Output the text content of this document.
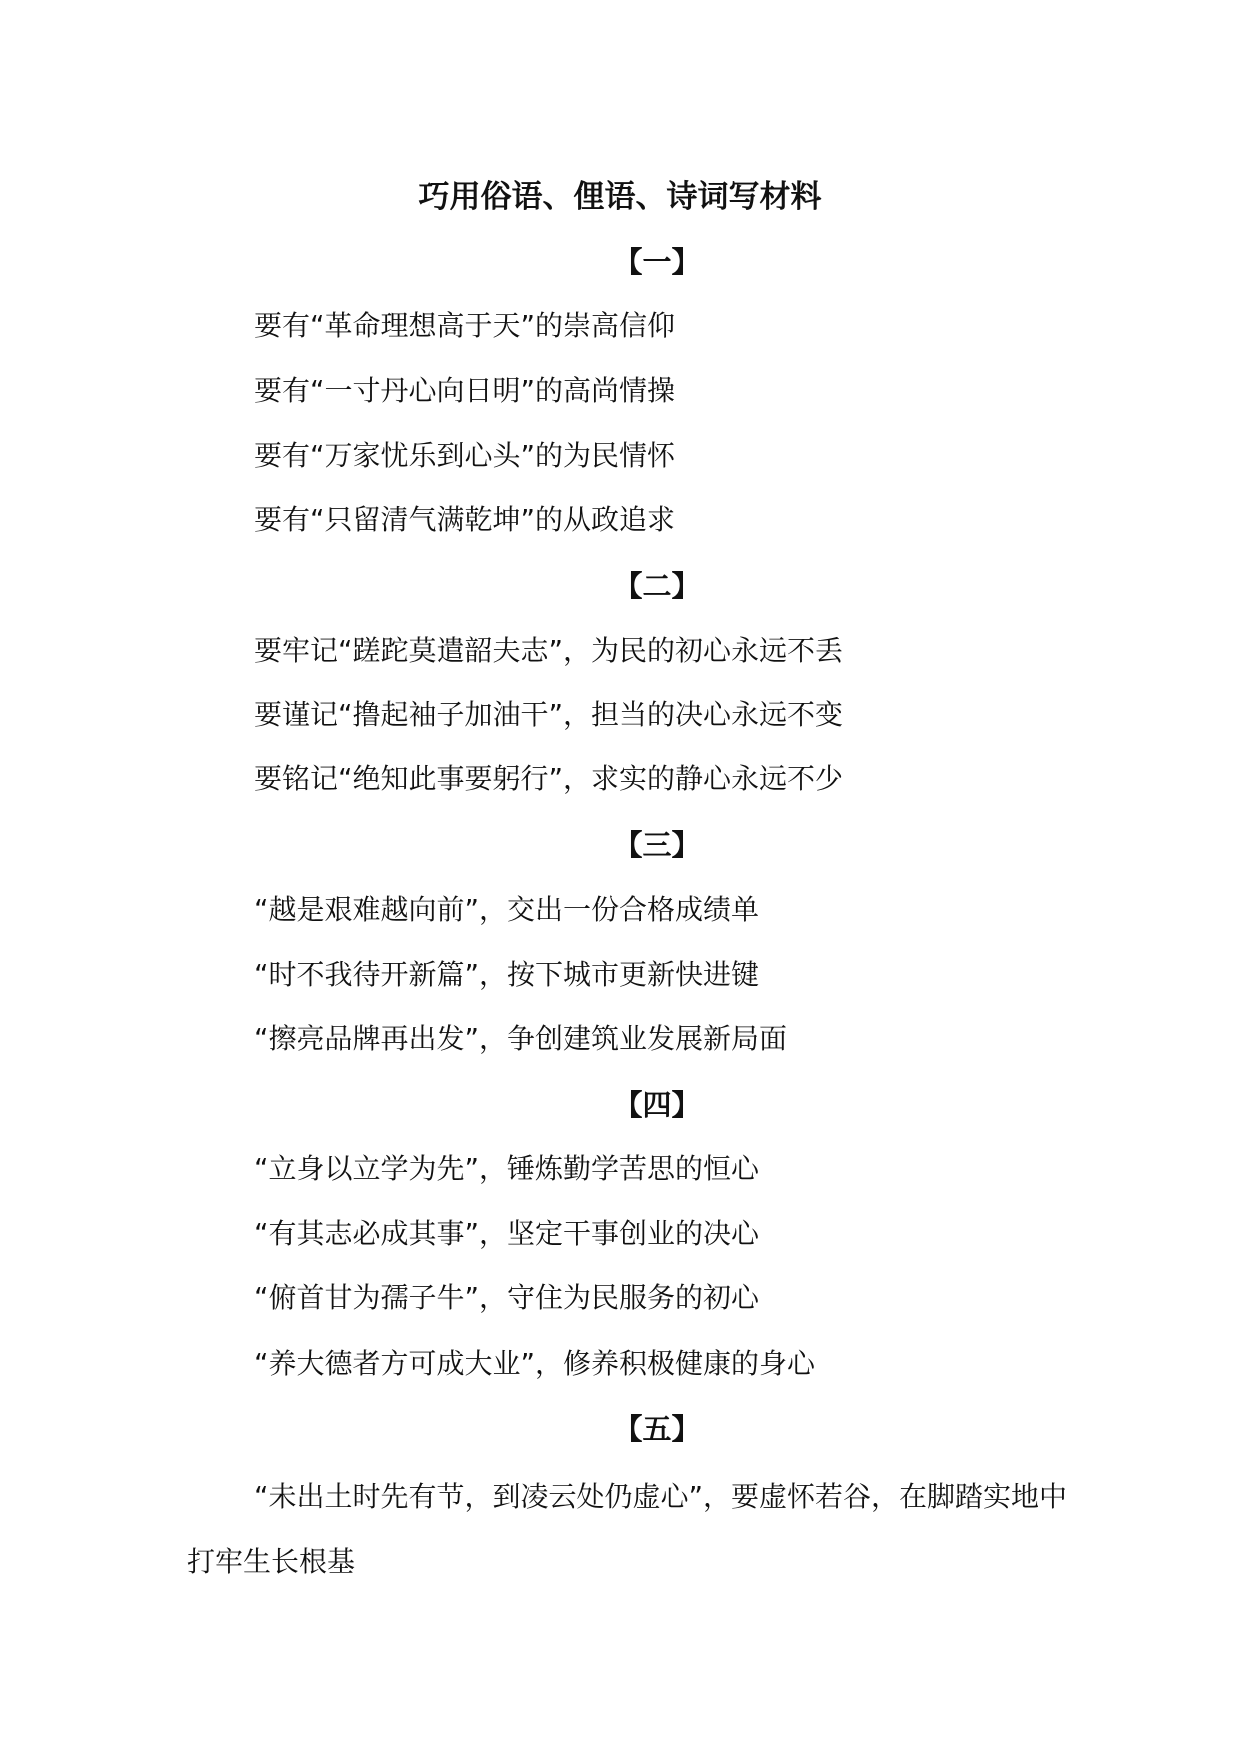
巧用俗语、俚语、诗词写材料
【一】
要有“革命理想高于天”的崇高信仰
要有“一寸丹心向日明”的高尚情操
要有“万家忧乐到心头”的为民情怀
要有“只留清气满乾坤”的从政追求
【二】
要牢记“蹉跎莫遣韶夫志”，为民的初心永远不丢
要谨记“撸起袖子加油干”，担当的决心永远不变
要铭记“绝知此事要躬行”，求实的静心永远不少
【三】
“越是艰难越向前”，交出一份合格成绩单
“时不我待开新篇”，按下城市更新快进键
“擦亮品牌再出发”，争创建筑业发展新局面
【四】
“立身以立学为先”，锤炼勤学苦思的恒心
“有其志必成其事”，坚定干事创业的决心
“俯首甘为孺子牛”，守住为民服务的初心
“养大德者方可成大业”，修养积极健康的身心
【五】
“未出土时先有节，到凌云处仍虚心”，要虚怀若谷，在脚踏实地中打牢生长根基
